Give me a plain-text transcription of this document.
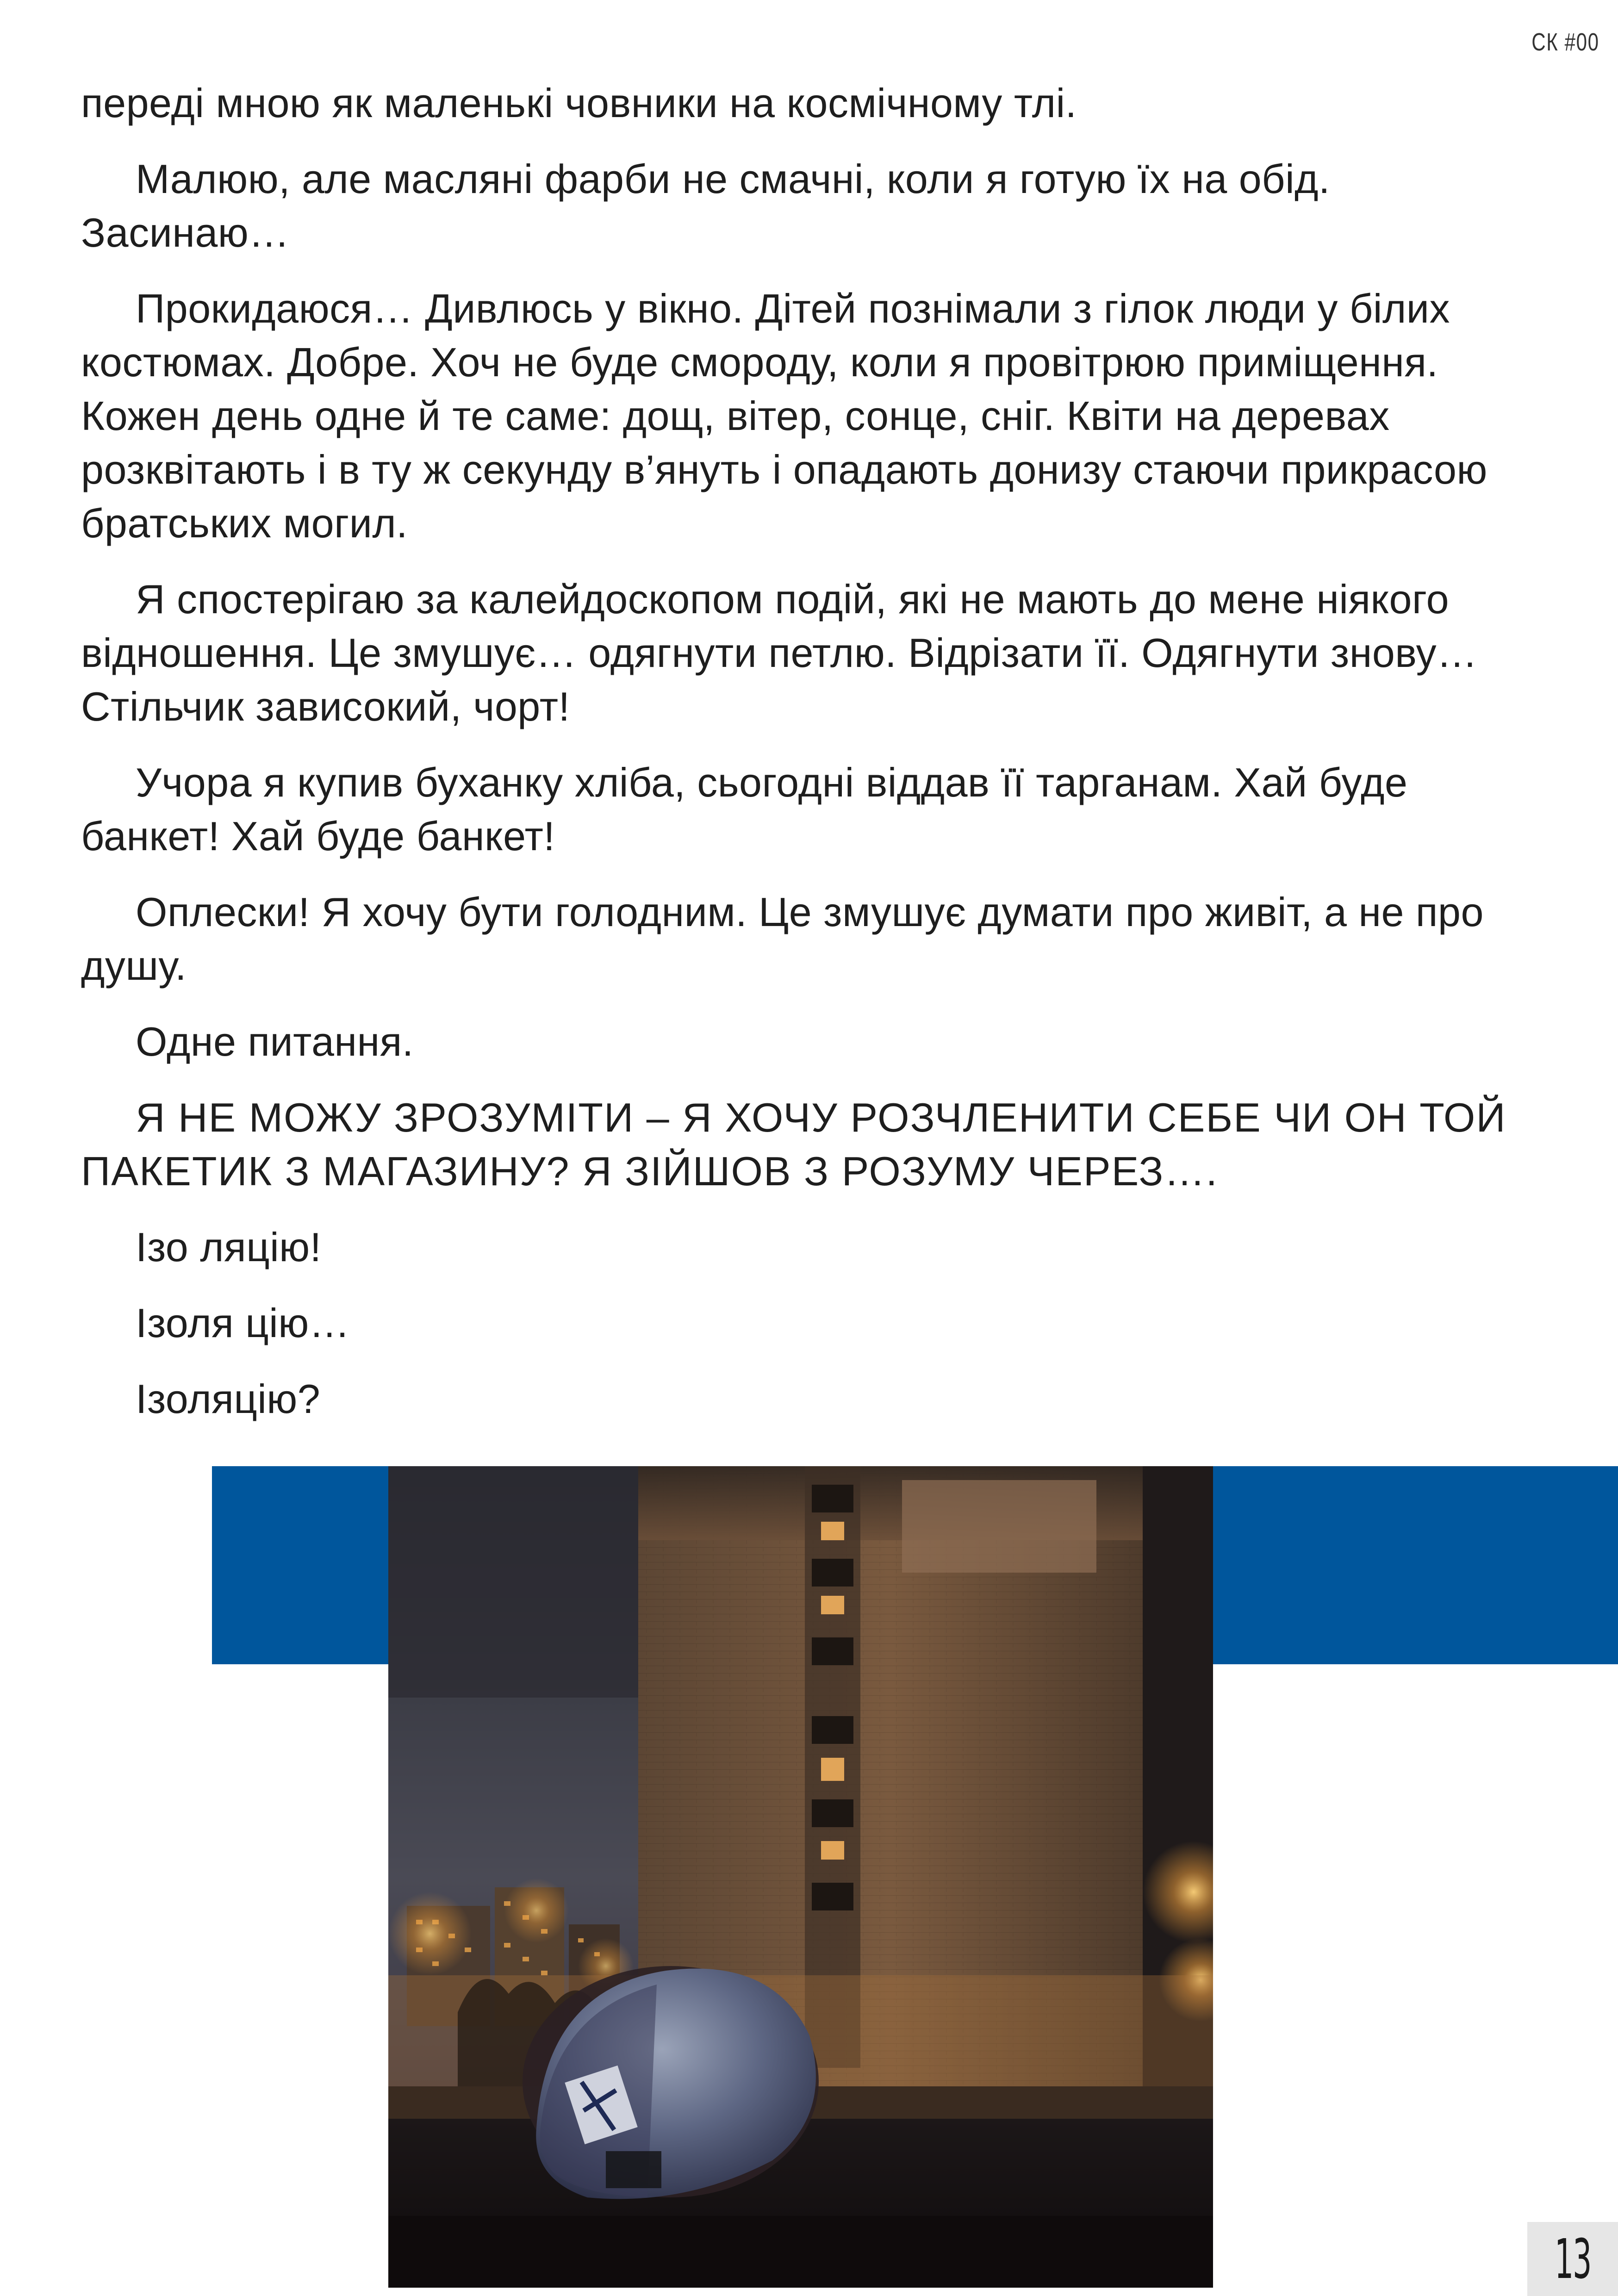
СК #00

переді мною як маленькі човники на космічному тлі.

Малюю, але масляні фарби не смачні, коли я готую їх на обід. Засинаю…

Прокидаюся… Дивлюсь у вікно. Дітей познімали з гілок люди у білих костюмах. Добре. Хоч не буде смороду, коли я провітрюю приміщення. Кожен день одне й те саме: дощ, вітер, сонце, сніг. Квіти на деревах розквітають і в ту ж секунду в’януть і опадають донизу стаючи прикрасою братських могил.

Я спостерігаю за калейдоскопом подій, які не мають до мене ніякого відношення. Це змушує… одягнути петлю. Відрізати її. Одягнути знову… Стільчик зависокий, чорт!

Учора я купив буханку хліба, сьогодні віддав її тарганам. Хай буде банкет! Хай буде банкет!

Оплески! Я хочу бути голодним. Це змушує думати про живіт, а не про душу.

Одне питання.

Я НЕ МОЖУ ЗРОЗУМІТИ – Я ХОЧУ РОЗЧЛЕНИТИ СЕБЕ ЧИ ОН ТОЙ ПАКЕТИК З МАГАЗИНУ? Я ЗІЙШОВ З РОЗУМУ ЧЕРЕЗ….

Ізо ляцію!

Ізоля цію…

Ізоляцію?

13
